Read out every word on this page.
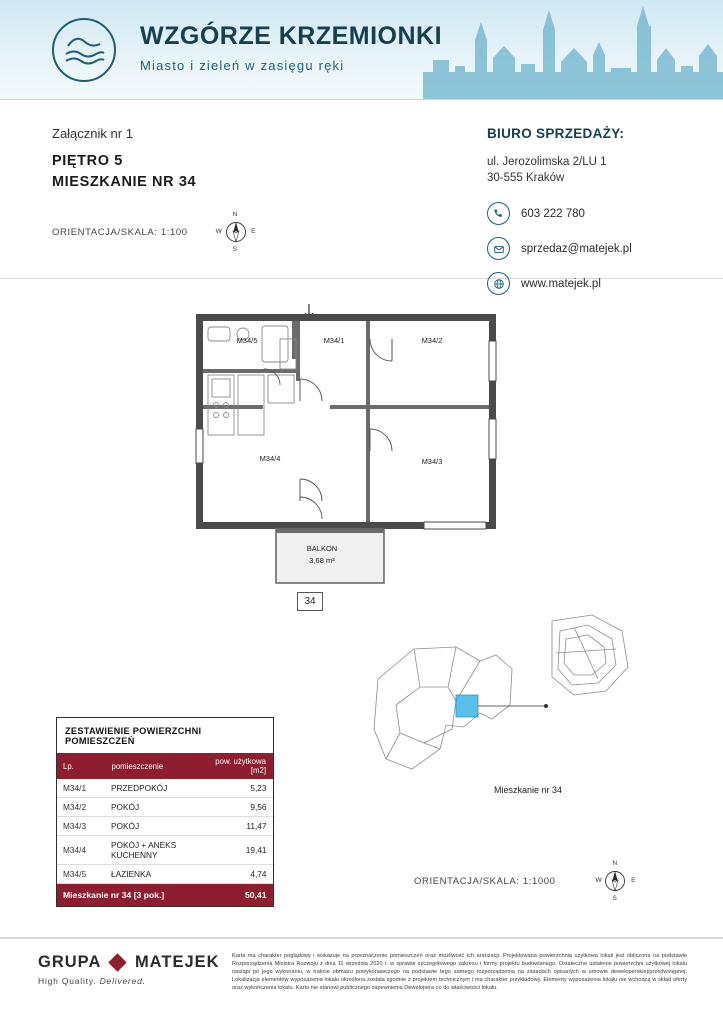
WZGÓRZE KRZEMIONKI
Miasto i zieleń w zasięgu ręki
Załącznik nr 1
PIĘTRO 5
MIESZKANIE NR 34
ORIENTACJA/SKALA: 1:100
N
S
E
W
BIURO SPRZEDAŻY:
ul. Jerozolimska 2/LU 1
30-555 Kraków
603 222 780
sprzedaz@matejek.pl
www.matejek.pl
34
M34/5	M34/1	M34/2
M34/4	M34/3
BALKON
3,68 m²
ZESTAWIENIE POWIERZCHNI POMIESZCZEŃ
Lp.	pomieszczenie	pow. użytkowa [m2]
M34/1	PRZEDPOKÓJ	5,23
M34/2	POKÓJ	9,56
M34/3	POKÓJ	11,47
M34/4	POKÓJ + ANEKS KUCHENNY	19,41
M34/5	ŁAZIENKA	4,74
Mieszkanie nr 34 [3 pok.]		50,41
Mieszkanie nr 34
ORIENTACJA/SKALA: 1:1000
N
S
E
W
GRUPA MATEJEK
High Quality. Delivered.
Karta ma charakter poglądowy i wskazuje na przeznaczenie pomieszczeń oraz możliwość ich aranżacji. Projektowana powierzchnia użytkowa lokali jest obliczona na podstawie Rozporządzenia Ministra Rozwoju z dnia 11 września 2020 r. w sprawie szczegółowego zakresu i formy projektu budowlanego. Ostateczne ustalenie powierzchni użytkowej lokalu nastąpi po jego wykonaniu, w trakcie obmiaru powykonawczego na podstawie tego samego rozporządzenia na zasadach opisanych w umowie deweloperskiej/przedwstępnej. Lokalizacja elementów wyposażenia lokalu określona została zgodnie z projektem technicznym i ma charakter przykładowy. Elementy wyposażenia lokalu nie wchodzą w skład oferty oraz wykończenia lokalu. Karta nie stanowi publicznego zapewnienia Dewelopera co do właściwości lokalu.
